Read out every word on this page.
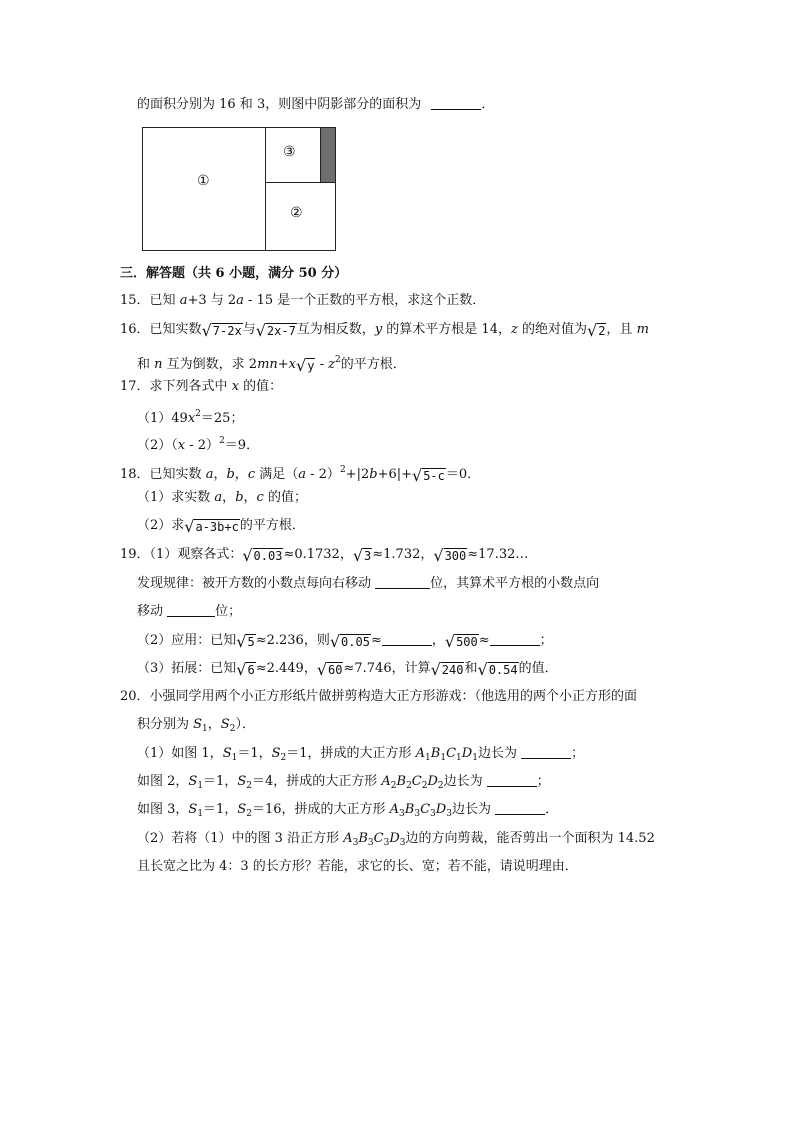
的面积分别为 16 和 3，则图中阴影部分的面积为	．
①
③
②
三．解答题（共 6 小题，满分 50 分）
15．已知 a+3 与 2a - 15 是一个正数的平方根，求这个正数．
16．已知实数 √ 7-2x 与 √ 2x-7 互为相反数，y 的算术平方根是 14，z 的绝对值为 √ 2 ，且 m
和 n 互为倒数，求 2mn+x √ y - $z^2$的平方根．
17．求下列各式中 x 的值：
$(1)49x^2=25$；
（2）（x - 2）$^2$＝9．
18．已知实数 a，b，c 满足（a - 2）$^2$+|2b+6|+ √ 5-c ＝0．
（1）求实数 a，b，c 的值；
（2）求 √ a-3b+c 的平方根．
19．（1）观察各式： √ 0.03 ≈0.1732， √ 3 ≈1.732， √ 300 ≈17.32…
发现规律：被开方数的小数点每向右移动	位，其算术平方根的小数点向
移动	位；
（2）应用：已知 √ 5 ≈2.236，则 √ 0.05 ≈	， √ 500 ≈	；
（3）拓展：已知 √ 6 ≈2.449， √ 60 ≈7.746，计算 √ 240 和 √ 0.54 的值．
20．小强同学用两个小正方形纸片做拼剪构造大正方形游戏：（他选用的两个小正方形的面
积分别为 $S_1$，$S_2$）．
（1）如图 1，$S_1=1$，$S_2=1$，拼成的大正方形 $A_1B_1C_1D_1$边长为	；
如图 2，$S_1=1$，$S_2=4$，拼成的大正方形 $A_2B_2C_2D_2$边长为	；
如图 3，$S_1=1$，$S_2=16$，拼成的大正方形 $A_3B_3C_3D_3$边长为	．
（2）若将（1）中的图 3 沿正方形 $A_3B_3C_3D_3$边的方向剪裁，能否剪出一个面积为 14.52
且长宽之比为 4：3 的长方形？若能，求它的长、宽；若不能，请说明理由．
